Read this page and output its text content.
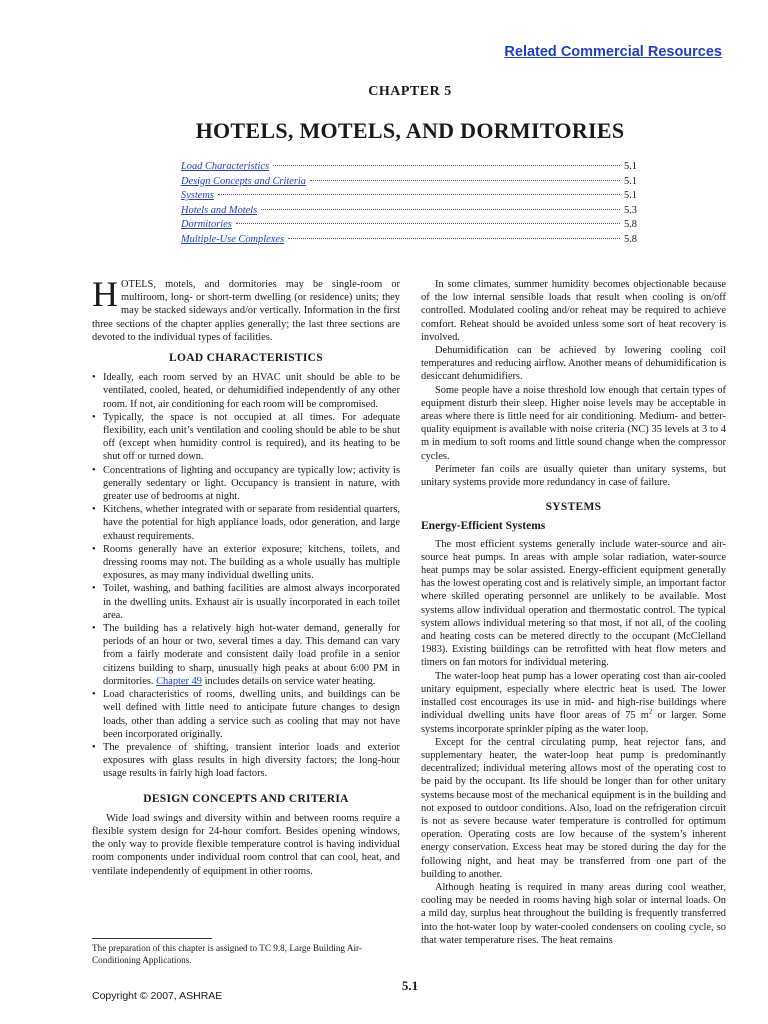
Related Commercial Resources
CHAPTER 5
HOTELS, MOTELS, AND DORMITORIES
Load Characteristics	5.1
Design Concepts and Criteria	5.1
Systems	5.1
Hotels and Motels	5.3
Dormitories	5.8
Multiple-Use Complexes	5.8

HOTELS, motels, and dormitories may be single-room or multiroom, long- or short-term dwelling (or residence) units; they may be stacked sideways and/or vertically. Information in the first three sections of the chapter applies generally; the last three sections are devoted to the individual types of facilities.

LOAD CHARACTERISTICS
• Ideally, each room served by an HVAC unit should be able to be ventilated, cooled, heated, or dehumidified independently of any other room. If not, air conditioning for each room will be compromised.
• Typically, the space is not occupied at all times. For adequate flexibility, each unit’s ventilation and cooling should be able to be shut off (except when humidity control is required), and its heating to be shut off or turned down.
• Concentrations of lighting and occupancy are typically low; activity is generally sedentary or light. Occupancy is transient in nature, with greater use of bedrooms at night.
• Kitchens, whether integrated with or separate from residential quarters, have the potential for high appliance loads, odor generation, and large exhaust requirements.
• Rooms generally have an exterior exposure; kitchens, toilets, and dressing rooms may not. The building as a whole usually has multiple exposures, as may many individual dwelling units.
• Toilet, washing, and bathing facilities are almost always incorporated in the dwelling units. Exhaust air is usually incorporated in each toilet area.
• The building has a relatively high hot-water demand, generally for periods of an hour or two, several times a day. This demand can vary from a fairly moderate and consistent daily load profile in a senior citizens building to sharp, unusually high peaks at about 6:00 PM in dormitories. Chapter 49 includes details on service water heating.
• Load characteristics of rooms, dwelling units, and buildings can be well defined with little need to anticipate future changes to design loads, other than adding a service such as cooling that may not have been incorporated originally.
• The prevalence of shifting, transient interior loads and exterior exposures with glass results in high diversity factors; the long-hour usage results in fairly high load factors.
DESIGN CONCEPTS AND CRITERIA

Wide load swings and diversity within and between rooms require a flexible system design for 24-hour comfort. Besides opening windows, the only way to provide flexible temperature control is having individual room components under individual room control that can cool, heat, and ventilate independently of equipment in other rooms.

The preparation of this chapter is assigned to TC 9.8, Large Building Air-Conditioning Applications.

In some climates, summer humidity becomes objectionable because of the low internal sensible loads that result when cooling is on/off controlled. Modulated cooling and/or reheat may be required to achieve comfort. Reheat should be avoided unless some sort of heat recovery is involved.

Dehumidification can be achieved by lowering cooling coil temperatures and reducing airflow. Another means of dehumidification is desiccant dehumidifiers.

Some people have a noise threshold low enough that certain types of equipment disturb their sleep. Higher noise levels may be acceptable in areas where there is little need for air conditioning. Medium- and better-quality equipment is available with noise criteria (NC) 35 levels at 3 to 4 m in medium to soft rooms and little sound change when the compressor cycles.

Perimeter fan coils are usually quieter than unitary systems, but unitary systems provide more redundancy in case of failure.

SYSTEMS
Energy-Efficient Systems

The most efficient systems generally include water-source and air-source heat pumps. In areas with ample solar radiation, water-source heat pumps may be solar assisted. Energy-efficient equipment generally has the lowest operating cost and is relatively simple, an important factor where skilled operating personnel are unlikely to be available. Most systems allow individual operation and thermostatic control. The typical system allows individual metering so that most, if not all, of the cooling and heating costs can be metered directly to the occupant (McClelland 1983). Existing buildings can be retrofitted with heat flow meters and timers on fan motors for individual metering.

The water-loop heat pump has a lower operating cost than air-cooled unitary equipment, especially where electric heat is used. The lower installed cost encourages its use in mid- and high-rise buildings where individual dwelling units have floor areas of 75 $m^2$ or larger. Some systems incorporate sprinkler piping as the water loop.

Except for the central circulating pump, heat rejector fans, and supplementary heater, the water-loop heat pump is predominantly decentralized; individual metering allows most of the operating cost to be paid by the occupant. Its life should be longer than for other unitary systems because most of the mechanical equipment is in the building and not exposed to outdoor conditions. Also, load on the refrigeration circuit is not as severe because water temperature is controlled for optimum operation. Operating costs are low because of the system’s inherent energy conservation. Excess heat may be stored during the day for the following night, and heat may be transferred from one part of the building to another.

Although heating is required in many areas during cool weather, cooling may be needed in rooms having high solar or internal loads. On a mild day, surplus heat throughout the building is frequently transferred into the hot-water loop by water-cooled condensers on cooling cycle, so that water temperature rises. The heat remains

5.1
Copyright © 2007, ASHRAE
